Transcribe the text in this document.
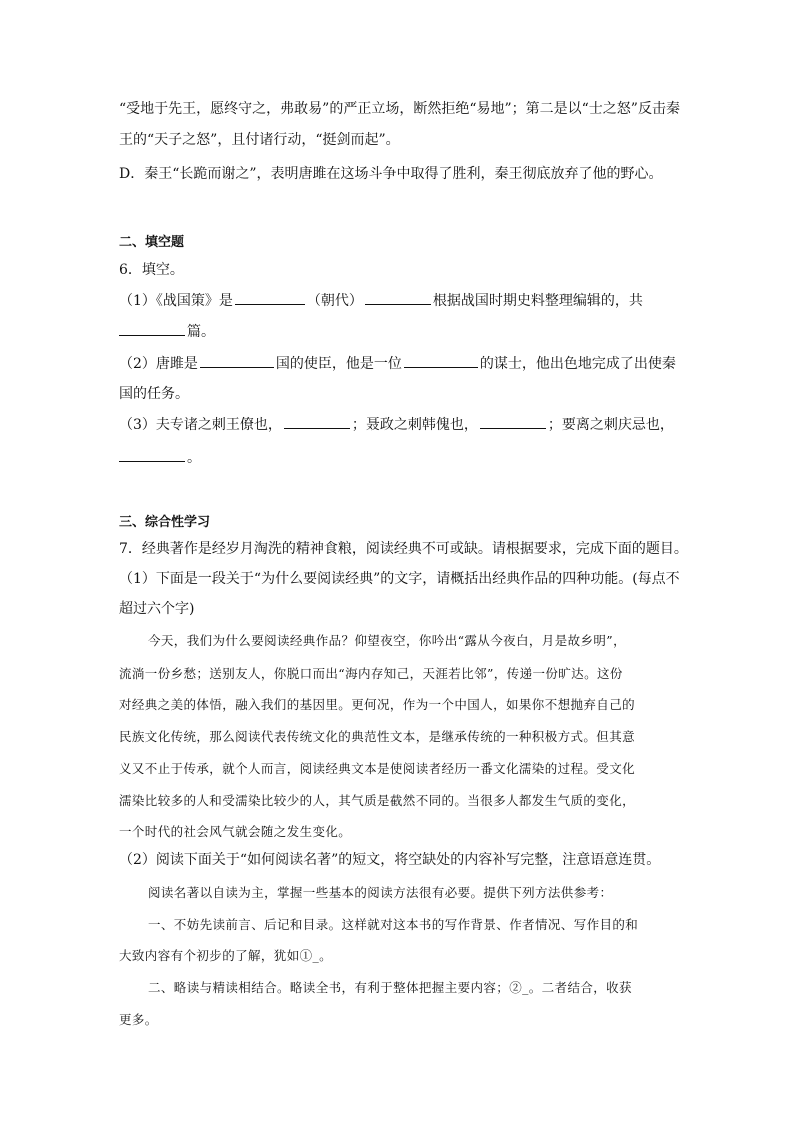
“受地于先王，愿终守之，弗敢易”的严正立场，断然拒绝“易地”；第二是以“士之怒”反击秦
王的“天子之怒”，且付诸行动，“挺剑而起”。
D．秦王“长跪而谢之”，表明唐雎在这场斗争中取得了胜利，秦王彻底放弃了他的野心。
二、填空题
6．填空。
（1）《战国策》是	（朝代）	根据战国时期史料整理编辑的，共
篇。
（2）唐雎是	国的使臣，他是一位	的谋士，他出色地完成了出使秦
国的任务。
（3）夫专诸之刺王僚也，	；聂政之刺韩傀也，	；要离之刺庆忌也，
。
三、综合性学习
7．经典著作是经岁月淘洗的精神食粮，阅读经典不可或缺。请根据要求，完成下面的题目。
（1）下面是一段关于“为什么要阅读经典”的文字，请概括出经典作品的四种功能。(每点不
超过六个字)
今天，我们为什么要阅读经典作品？仰望夜空，你吟出“露从今夜白，月是故乡明”，
流淌一份乡愁；送别友人，你脱口而出“海内存知己，天涯若比邻”，传递一份旷达。这份
对经典之美的体悟，融入我们的基因里。更何况，作为一个中国人，如果你不想抛弃自己的
民族文化传统，那么阅读代表传统文化的典范性文本，是继承传统的一种积极方式。但其意
义又不止于传承，就个人而言，阅读经典文本是使阅读者经历一番文化濡染的过程。受文化
濡染比较多的人和受濡染比较少的人，其气质是截然不同的。当很多人都发生气质的变化，
一个时代的社会风气就会随之发生变化。
（2）阅读下面关于“如何阅读名著”的短文，将空缺处的内容补写完整，注意语意连贯。
阅读名著以自读为主，掌握一些基本的阅读方法很有必要。提供下列方法供参考：
一、不妨先读前言、后记和目录。这样就对这本书的写作背景、作者情况、写作目的和
大致内容有个初步的了解，犹如①_。
二、略读与精读相结合。略读全书，有利于整体把握主要内容；②_。二者结合，收获
更多。
